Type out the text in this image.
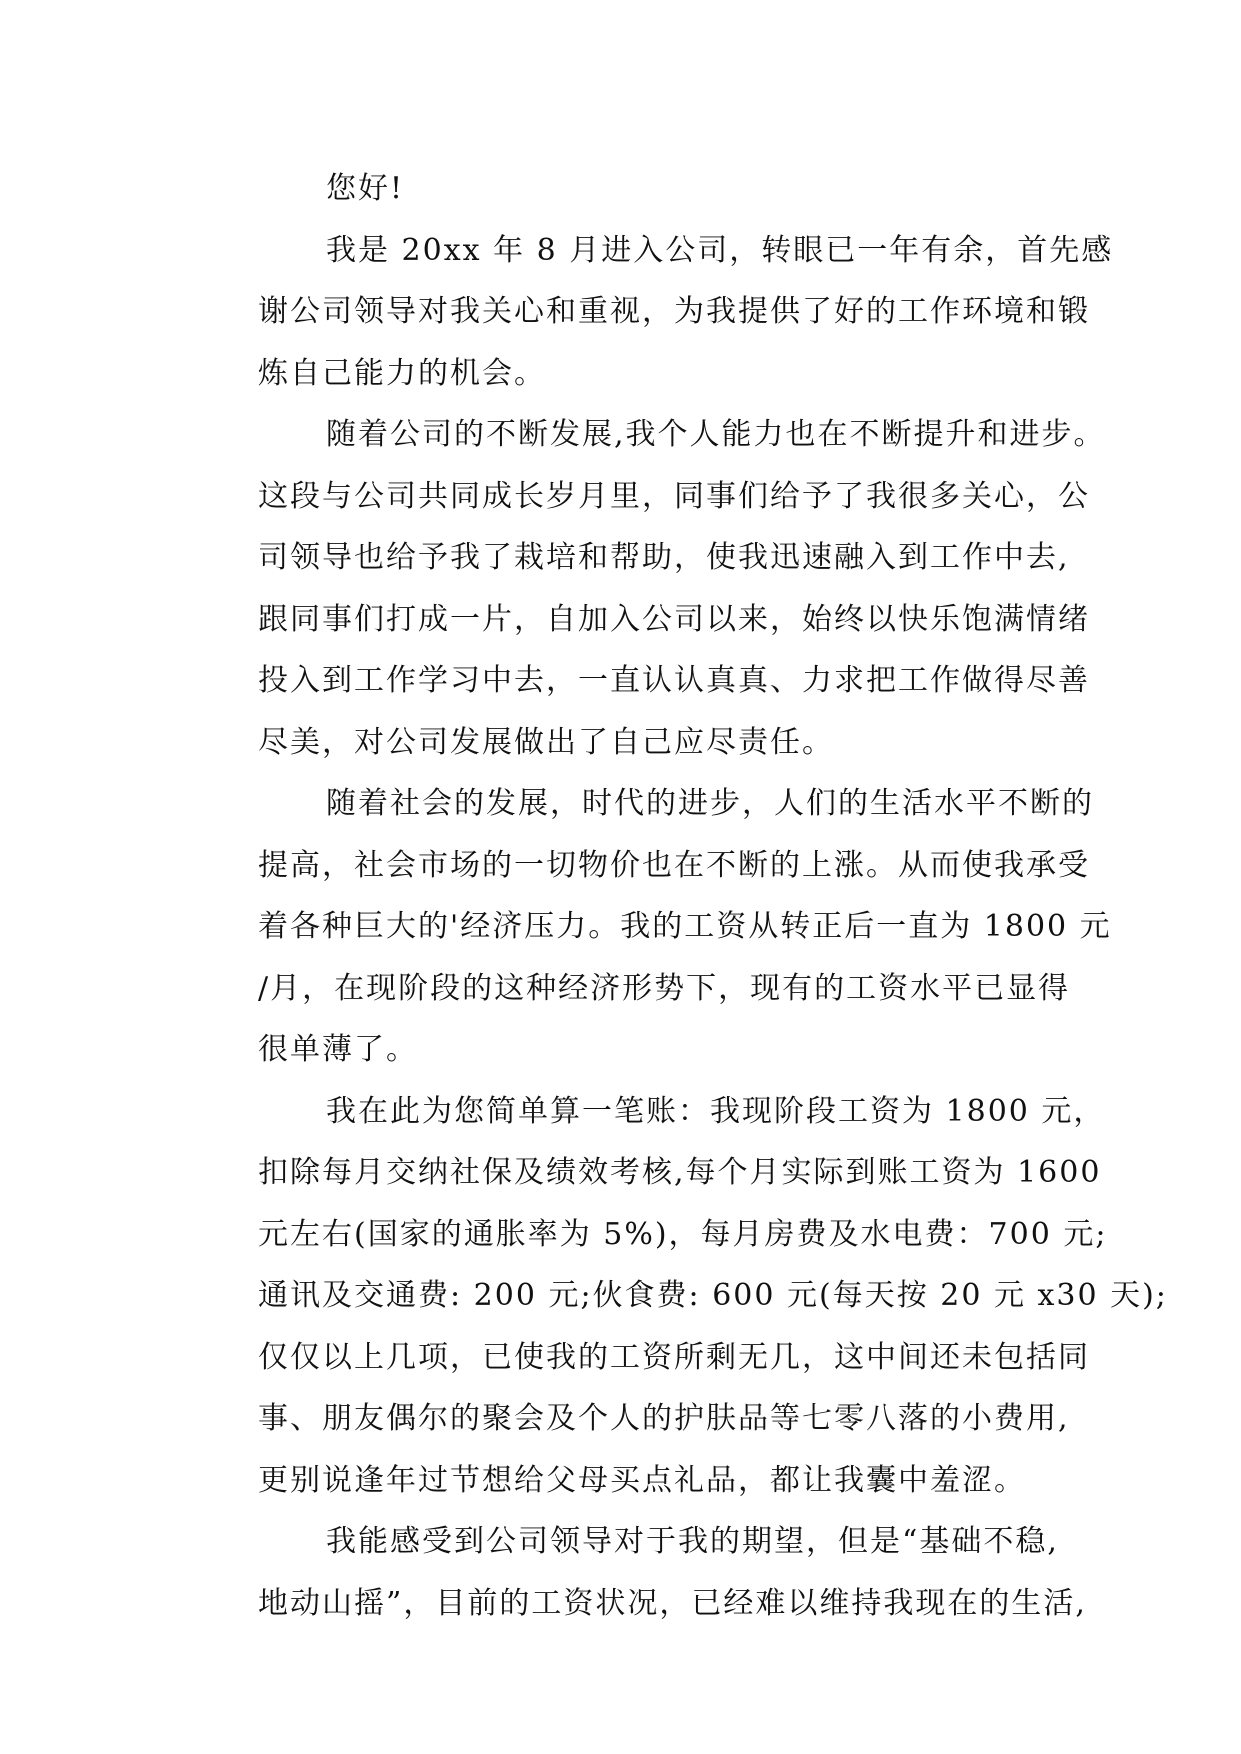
您好!
我是 20xx 年 8 月进入公司，转眼已一年有余，首先感
谢公司领导对我关心和重视，为我提供了好的工作环境和锻
炼自己能力的机会。
随着公司的不断发展,我个人能力也在不断提升和进步。
这段与公司共同成长岁月里，同事们给予了我很多关心，公
司领导也给予我了栽培和帮助，使我迅速融入到工作中去,
跟同事们打成一片，自加入公司以来，始终以快乐饱满情绪
投入到工作学习中去，一直认认真真、力求把工作做得尽善
尽美，对公司发展做出了自己应尽责任。
随着社会的发展，时代的进步，人们的生活水平不断的
提高，社会市场的一切物价也在不断的上涨。从而使我承受
着各种巨大的'经济压力。我的工资从转正后一直为 1800 元
/月，在现阶段的这种经济形势下，现有的工资水平已显得
很单薄了。
我在此为您简单算一笔账：我现阶段工资为 1800 元，
扣除每月交纳社保及绩效考核,每个月实际到账工资为 1600
元左右(国家的通胀率为 5%)，每月房费及水电费：700 元;
通讯及交通费: 200 元;伙食费: 600 元(每天按 20 元 x30 天);
仅仅以上几项，已使我的工资所剩无几，这中间还未包括同
事、朋友偶尔的聚会及个人的护肤品等七零八落的小费用,
更别说逢年过节想给父母买点礼品，都让我囊中羞涩。
我能感受到公司领导对于我的期望，但是“基础不稳,
地动山摇”，目前的工资状况，已经难以维持我现在的生活,
